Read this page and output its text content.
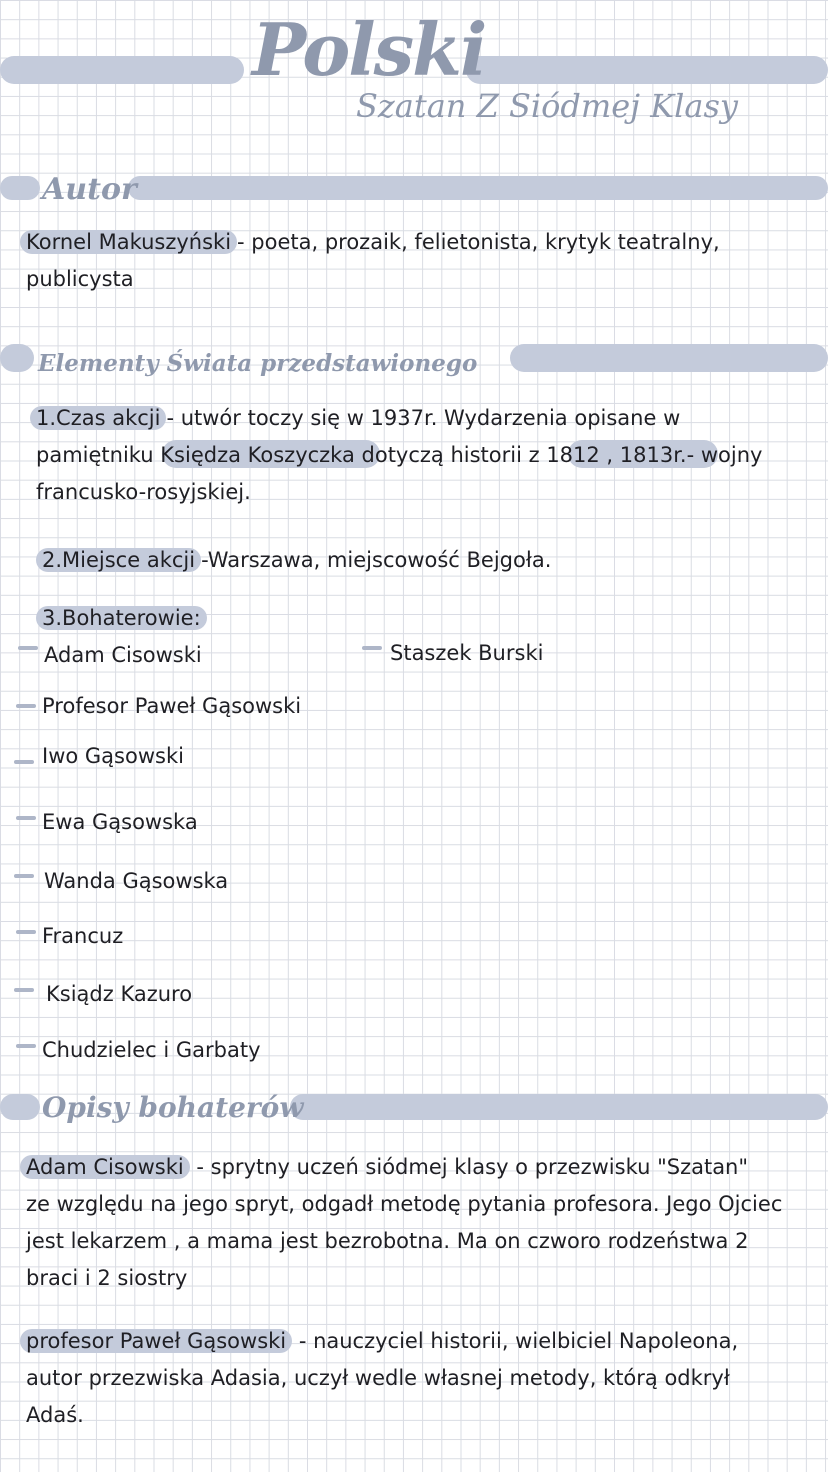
Polski
Szatan Z Siódmej Klasy
Autor
Kornel Makuszyński - poeta, prozaik, felietonista, krytyk teatralny,
publicysta
Elementy Świata przedstawionego
1.Czas akcji - utwór toczy się w 1937r. Wydarzenia opisane w
pamiętniku Księdza Koszyczka dotyczą historii z 1812 , 1813r.- wojny
francusko-rosyjskiej.
2.Miejsce akcji -Warszawa, miejscowość Bejgoła.
3.Bohaterowie:
Adam Cisowski	Staszek Burski
Profesor Paweł Gąsowski
Iwo Gąsowski
Ewa Gąsowska
Wanda Gąsowska
Francuz
Ksiądz Kazuro
Chudzielec i Garbaty
Opisy bohaterów
Adam Cisowski - sprytny uczeń siódmej klasy o przezwisku "Szatan"
ze względu na jego spryt, odgadł metodę pytania profesora. Jego Ojciec
jest lekarzem , a mama jest bezrobotna. Ma on czworo rodzeństwa 2
braci i 2 siostry
profesor Paweł Gąsowski - nauczyciel historii, wielbiciel Napoleona,
autor przezwiska Adasia, uczył wedle własnej metody, którą odkrył
Adaś.
